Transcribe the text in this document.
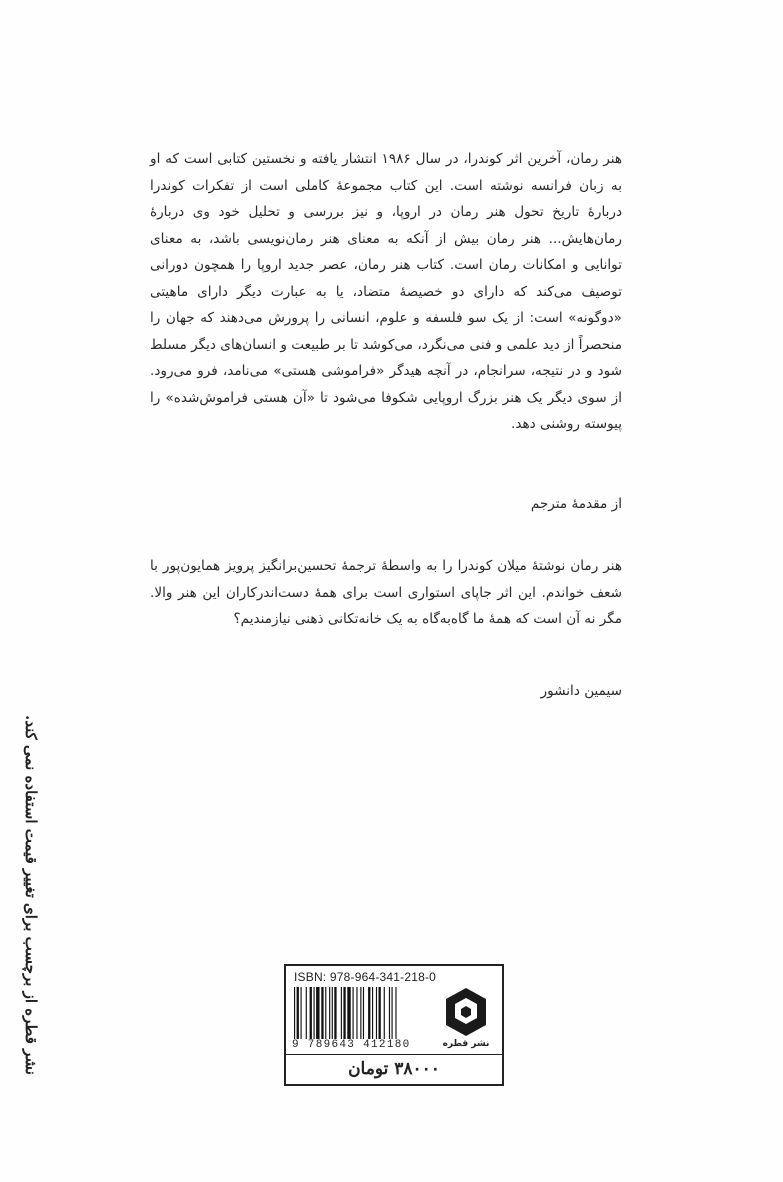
هنر رمان، آخرین اثر کوندرا، در سال ۱۹۸۶ انتشار یافته و نخستین کتابی است که او به زبان فرانسه نوشته است. این کتاب مجموعهٔ کاملی است از تفکرات کوندرا دربارهٔ تاریخ تحول هنر رمان در اروپا، و نیز بررسی و تحلیل خود وی دربارهٔ رمان‌هایش... هنر رمان بیش از آنکه به معنای هنر رمان‌نویسی باشد، به معنای توانایی و امکانات رمان است. کتاب هنر رمان، عصر جدید اروپا را همچون دورانی توصیف می‌کند که دارای دو خصیصهٔ متضاد، یا به عبارت دیگر دارای ماهیتی «دوگونه» است: از یک سو فلسفه و علوم، انسانی را پرورش می‌دهند که جهان را منحصراً از دید علمی و فنی می‌نگرد، می‌کوشد تا بر طبیعت و انسان‌های دیگر مسلط شود و در نتیجه، سرانجام، در آنچه هیدگر «فراموشی هستی» می‌نامد، فرو می‌رود. از سوی دیگر یک هنر بزرگ اروپایی شکوفا می‌شود تا «آن هستی فراموش‌شده» را پیوسته روشنی دهد.
از مقدمهٔ مترجم
هنر رمان نوشتهٔ میلان کوندرا را به واسطهٔ ترجمهٔ تحسین‌برانگیز پرویز همایون‌پور با شعف خواندم. این اثر جاپای استواری است برای همهٔ دست‌اندرکاران این هنر والا. مگر نه آن است که همهٔ ما گاه‌به‌گاه به یک خانه‌تکانی ذهنی نیازمندیم؟
سیمین دانشور
نشر قطره از برچسب برای تغییر قیمت استفاده نمی کند.	ISBN: 978-964-341-218-0
9 789643 412180	نشر قطره
۳۸۰۰۰ تومان
